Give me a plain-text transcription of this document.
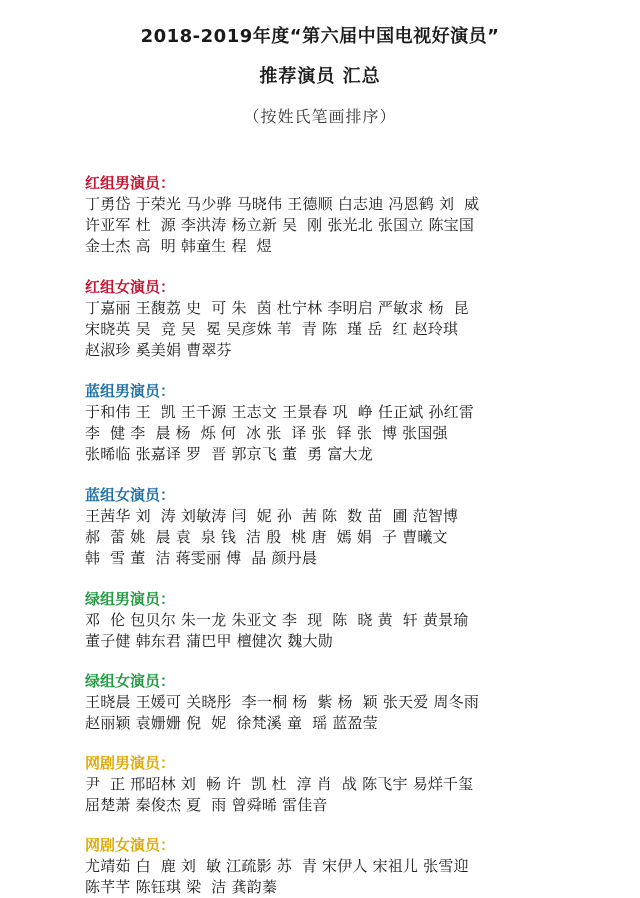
2018-2019年度“第六届中国电视好演员”
推荐演员 汇总
（按姓氏笔画排序）
红组男演员：
丁勇岱 于荣光 马少骅 马晓伟 王德顺 白志迪 冯恩鹤 刘  威
许亚军 杜  源 李洪涛 杨立新 吴  刚 张光北 张国立 陈宝国
金士杰 高  明 韩童生 程  煜
红组女演员：
丁嘉丽 王馥荔 史  可 朱  茵 杜宁林 李明启 严敏求 杨  昆
宋晓英 吴  竞 吴  冕 吴彦姝 苇  青 陈  瑾 岳  红 赵玲琪
赵淑珍 奚美娟 曹翠芬
蓝组男演员：
于和伟 王  凯 王千源 王志文 王景春 巩  峥 任正斌 孙红雷
李  健 李  晨 杨  烁 何  冰 张  译 张  铎 张  博 张国强
张晞临 张嘉译 罗  晋 郭京飞 董  勇 富大龙
蓝组女演员：
王茜华 刘  涛 刘敏涛 闫  妮 孙  茜 陈  数 苗  圃 范智博
郝  蕾 姚  晨 袁  泉 钱  洁 殷  桃 唐  嫣 娟  子 曹曦文
韩  雪 董  洁 蒋雯丽 傅  晶 颜丹晨
绿组男演员：
邓  伦 包贝尔 朱一龙 朱亚文 李  现  陈  晓 黄  轩 黄景瑜
董子健 韩东君 蒲巴甲 檀健次 魏大勋
绿组女演员：
王晓晨 王媛可 关晓彤  李一桐 杨  紫 杨  颖 张天爱 周冬雨
赵丽颖 袁姗姗 倪  妮  徐梵溪 童  瑶 蓝盈莹
网剧男演员：
尹  正 邢昭林 刘  畅 许  凯 杜  淳 肖  战 陈飞宇 易烊千玺
屈楚萧 秦俊杰 夏  雨 曾舜晞 雷佳音
网剧女演员：
尤靖茹 白  鹿 刘  敏 江疏影 苏  青 宋伊人 宋祖儿 张雪迎
陈芊芊 陈钰琪 梁  洁 龚韵蓁
